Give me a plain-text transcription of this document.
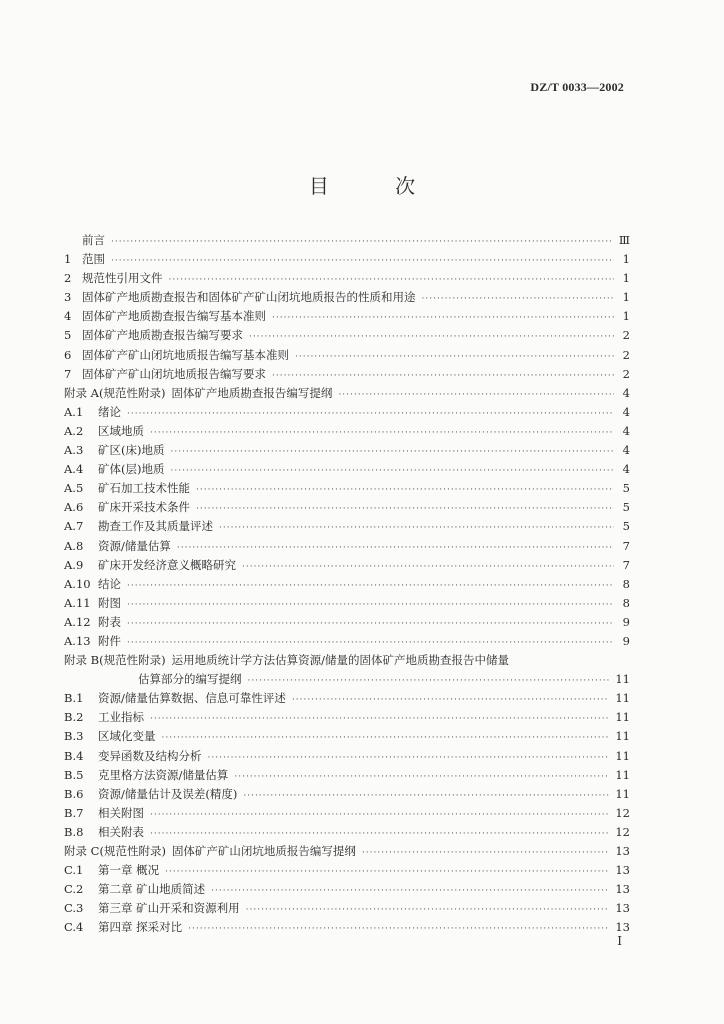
DZ/T 0033—2002
目 次
前言 ·····	Ⅲ
1 范围 ·····	1
2 规范性引用文件 ·····	1
3 固体矿产地质勘查报告和固体矿产矿山闭坑地质报告的性质和用途 ·····	1
4 固体矿产地质勘查报告编写基本准则 ·····	1
5 固体矿产地质勘查报告编写要求 ·····	2
6 固体矿产矿山闭坑地质报告编写基本准则 ·····	2
7 固体矿产矿山闭坑地质报告编写要求 ·····	2
附录 A(规范性附录) 固体矿产地质勘查报告编写提纲 ·····	4
A.1	绪论 ·····	4
A.2	区域地质 ·····	4
A.3	矿区(床)地质 ·····	4
A.4	矿体(层)地质 ·····	4
A.5	矿石加工技术性能 ·····	5
A.6	矿床开采技术条件 ·····	5
A.7	勘查工作及其质量评述 ·····	5
A.8	资源/储量估算 ·····	7
A.9	矿床开发经济意义概略研究 ·····	7
A.10 结论 ·····	8
A.11 附图 ·····	8
A.12 附表 ·····	9
A.13 附件 ·····	9
附录 B(规范性附录) 运用地质统计学方法估算资源/储量的固体矿产地质勘查报告中储量
估算部分的编写提纲 ·····	11
B.1	资源/储量估算数据、信息可靠性评述 ·····	11
B.2	工业指标 ·····	11
B.3	区域化变量 ·····	11
B.4	变异函数及结构分析 ·····	11
B.5	克里格方法资源/储量估算 ·····	11
B.6	资源/储量估计及误差(精度) ·····	11
B.7	相关附图 ·····	12
B.8	相关附表 ·····	12
附录 C(规范性附录) 固体矿产矿山闭坑地质报告编写提纲 ·····	13
C.1	第一章 概况 ·····	13
C.2	第二章 矿山地质简述 ·····	13
C.3	第三章 矿山开采和资源利用 ·····	13
C.4	第四章 探采对比 ·····	13
I
